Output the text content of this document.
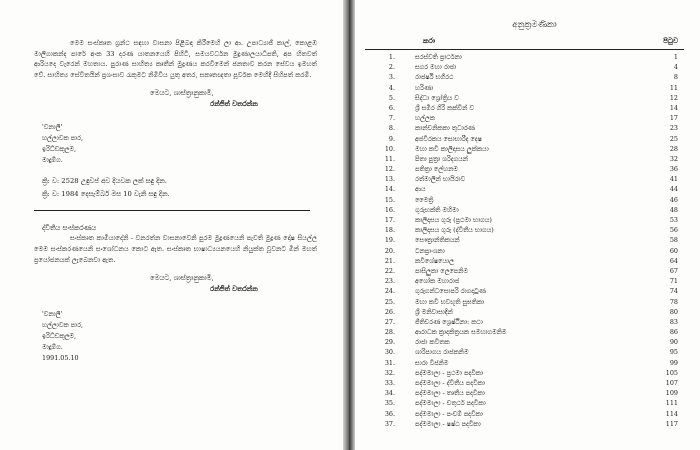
මෙම සංස්කෘත ග්‍රන්ථ සඳහා වාසනා පිළිබඳ කිරීමෙහි ලා ආ. උපාධ්‍යාජී කාල්, කොළඹ මාලිගාකන්ද පාරේ අංක 33 දරණ යාතනයෙහි පිහිටි, සමයවර්ධන මුද්‍රණාලයාධිපති, අප හිතවත් ආරියදෙ වැරෙන් මහතාය. පුරාණ සාහිත්‍ය කෘතීන් මුද්‍රණය කරවීමෙන් ජනතාව කරන සේවය ඉමහත් වේ. සාහිත්‍ය සේවිතයින් ප්‍රශංසාව රැකුමට නිමිවිය යුතු අතර, සකෘතඥතා පූර්වක මෙහිදී සිහිපත් කරමි.

මෙයට, ශාස්ත්‍රානුකාමී,
රන්ජිත් වතරන්න
'වනාලි'
හල්ලාවක පාර,
ඉරිධ්ඩකුලම,
මාදුම්ග.
ක්‍රි: ව: 2528 උඳුවප් අව දියවක ලක් සඳු දින.
ක්‍රි: ව: 1984 දෙසැම්බර් මස 10 වැනි සඳු දින.
ද්විතීය සංස්කරණය

සංස්කෘත කාමියාදේනි - වනරත්න වාසනාවෙනි පුරම මුද්‍රණයෙනි පැවති මුද්‍රණ දෝෂ සියල්ල මෙම සංස්කරණයෙනි සංශෝධනය කොට ඇත. සංස්කෘත භාෂාධ්‍යයනයෙහි නියුක්ත වූවනට මින් මහත් ප්‍රයෝජනයක් ලැබෙනවා ඇත.

මෙයට, ශාස්ත්‍රානුකාමී,
රන්ජිත් වතරන්න
'වනාලි'
හල්ලාවක පාර,
ඉරිධ්ඩකුලම,
මාදුම්ග.
1991.05.10
අනුක්‍රමණිකා
කරා	පිටුව
1.	සරස්වති ප්‍රාර්ථනා	1
2.	සගර මහා රාජා	4
3.	රාජර්ෂි භගීරථ	8
4.	හරිණා	11
5.	සිද්ධා ශ්‍රෝත්‍රිය ව	12
6.	ශ්‍රී සමීර ගිරි කක්වින් ව	14
7.	හල්ලක	17
8.	කාන්චනිකකා තුධාරණ	23
9.	අජවිරකය සොභාරීද දෙෂ	25
10.	මහා කවි කාලිදාසය ලුක්කයා	28
11.	පිතා පුත්‍රා ශරිදගයන්	32
12.	පතිත්‍රා ලේහනම	36
13.	රත්මාලින් භායිරාව	41
14.	ආය	44
15.	මෛත්‍රි	46
16.	ගුරුභක්ති මහිමා	48
17.	කාලිදාසය ගුරු (ප්‍රථමා භාගය)	53
18.	කාලිදාසය ගුරු (ද්විතීය භාගය)	56
19.	සෞත්‍රාන්තිකයන්	58
20.	ටනප්‍රාංශනා	60
21.	කවිශේෂයොල	64
22.	පාසිලුකා ලෙපෙනිම	67
23.	අශෝක මහාරාජ	71
24.	ගුරුගන්ධසොපරි රාගදටුණ	74
25.	මහා කවි භවභූති සුඝතිකා	78
26.	ශ්‍රී මනිවාසාදින්	80
27.	ජීතිචරණ ශ්‍රෙෂ්ඨිනා: කථා	83
28.	ආරාධක ක්‍රාදකිත්‍රයක සමහාගමනිම	86
29.	රාජා කවිතක	90
30.	ශාරිපාගය රාජකනිම	95
31.	සාරා විජනිම	99
32.	පද්මමාලා - ප්‍රථමා පදවිකා	105
33.	පද්මමාලා - ද්විතීය පදවිකා	107
34.	පද්මමාලා - තෘතීය පදවිකා	109
35.	පද්මමාලා - චතුර්ථ පදවිකා	111
36.	පද්මමාලා - පංචම් පදවිකා	114
37.	පද්මමාලා - ෂෂ්ඨ පදවිකා	117
